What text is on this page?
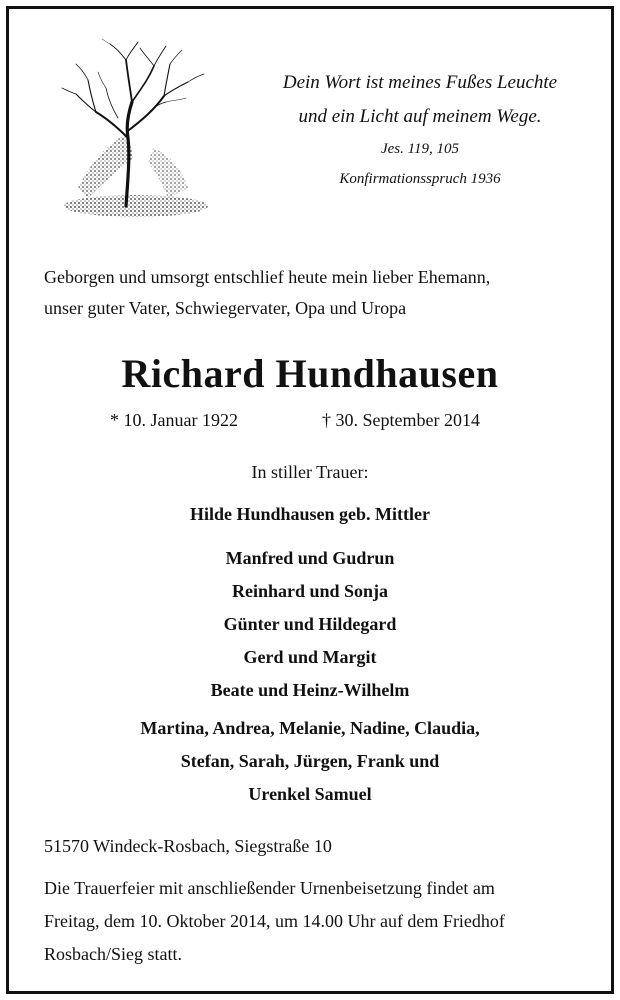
Dein Wort ist meines Fußes Leuchte
und ein Licht auf meinem Wege.
Jes. 119, 105
Konfirmationsspruch 1936
Geborgen und umsorgt entschlief heute mein lieber Ehemann,
unser guter Vater, Schwiegervater, Opa und Uropa
Richard Hundhausen
* 10. Januar 1922	† 30. September 2014
In stiller Trauer:
Hilde Hundhausen geb. Mittler
Manfred und Gudrun
Reinhard und Sonja
Günter und Hildegard
Gerd und Margit
Beate und Heinz-Wilhelm
Martina, Andrea, Melanie, Nadine, Claudia,
Stefan, Sarah, Jürgen, Frank und
Urenkel Samuel
51570 Windeck-Rosbach, Siegstraße 10
Die Trauerfeier mit anschließender Urnenbeisetzung findet am
Freitag, dem 10. Oktober 2014, um 14.00 Uhr auf dem Friedhof
Rosbach/Sieg statt.
